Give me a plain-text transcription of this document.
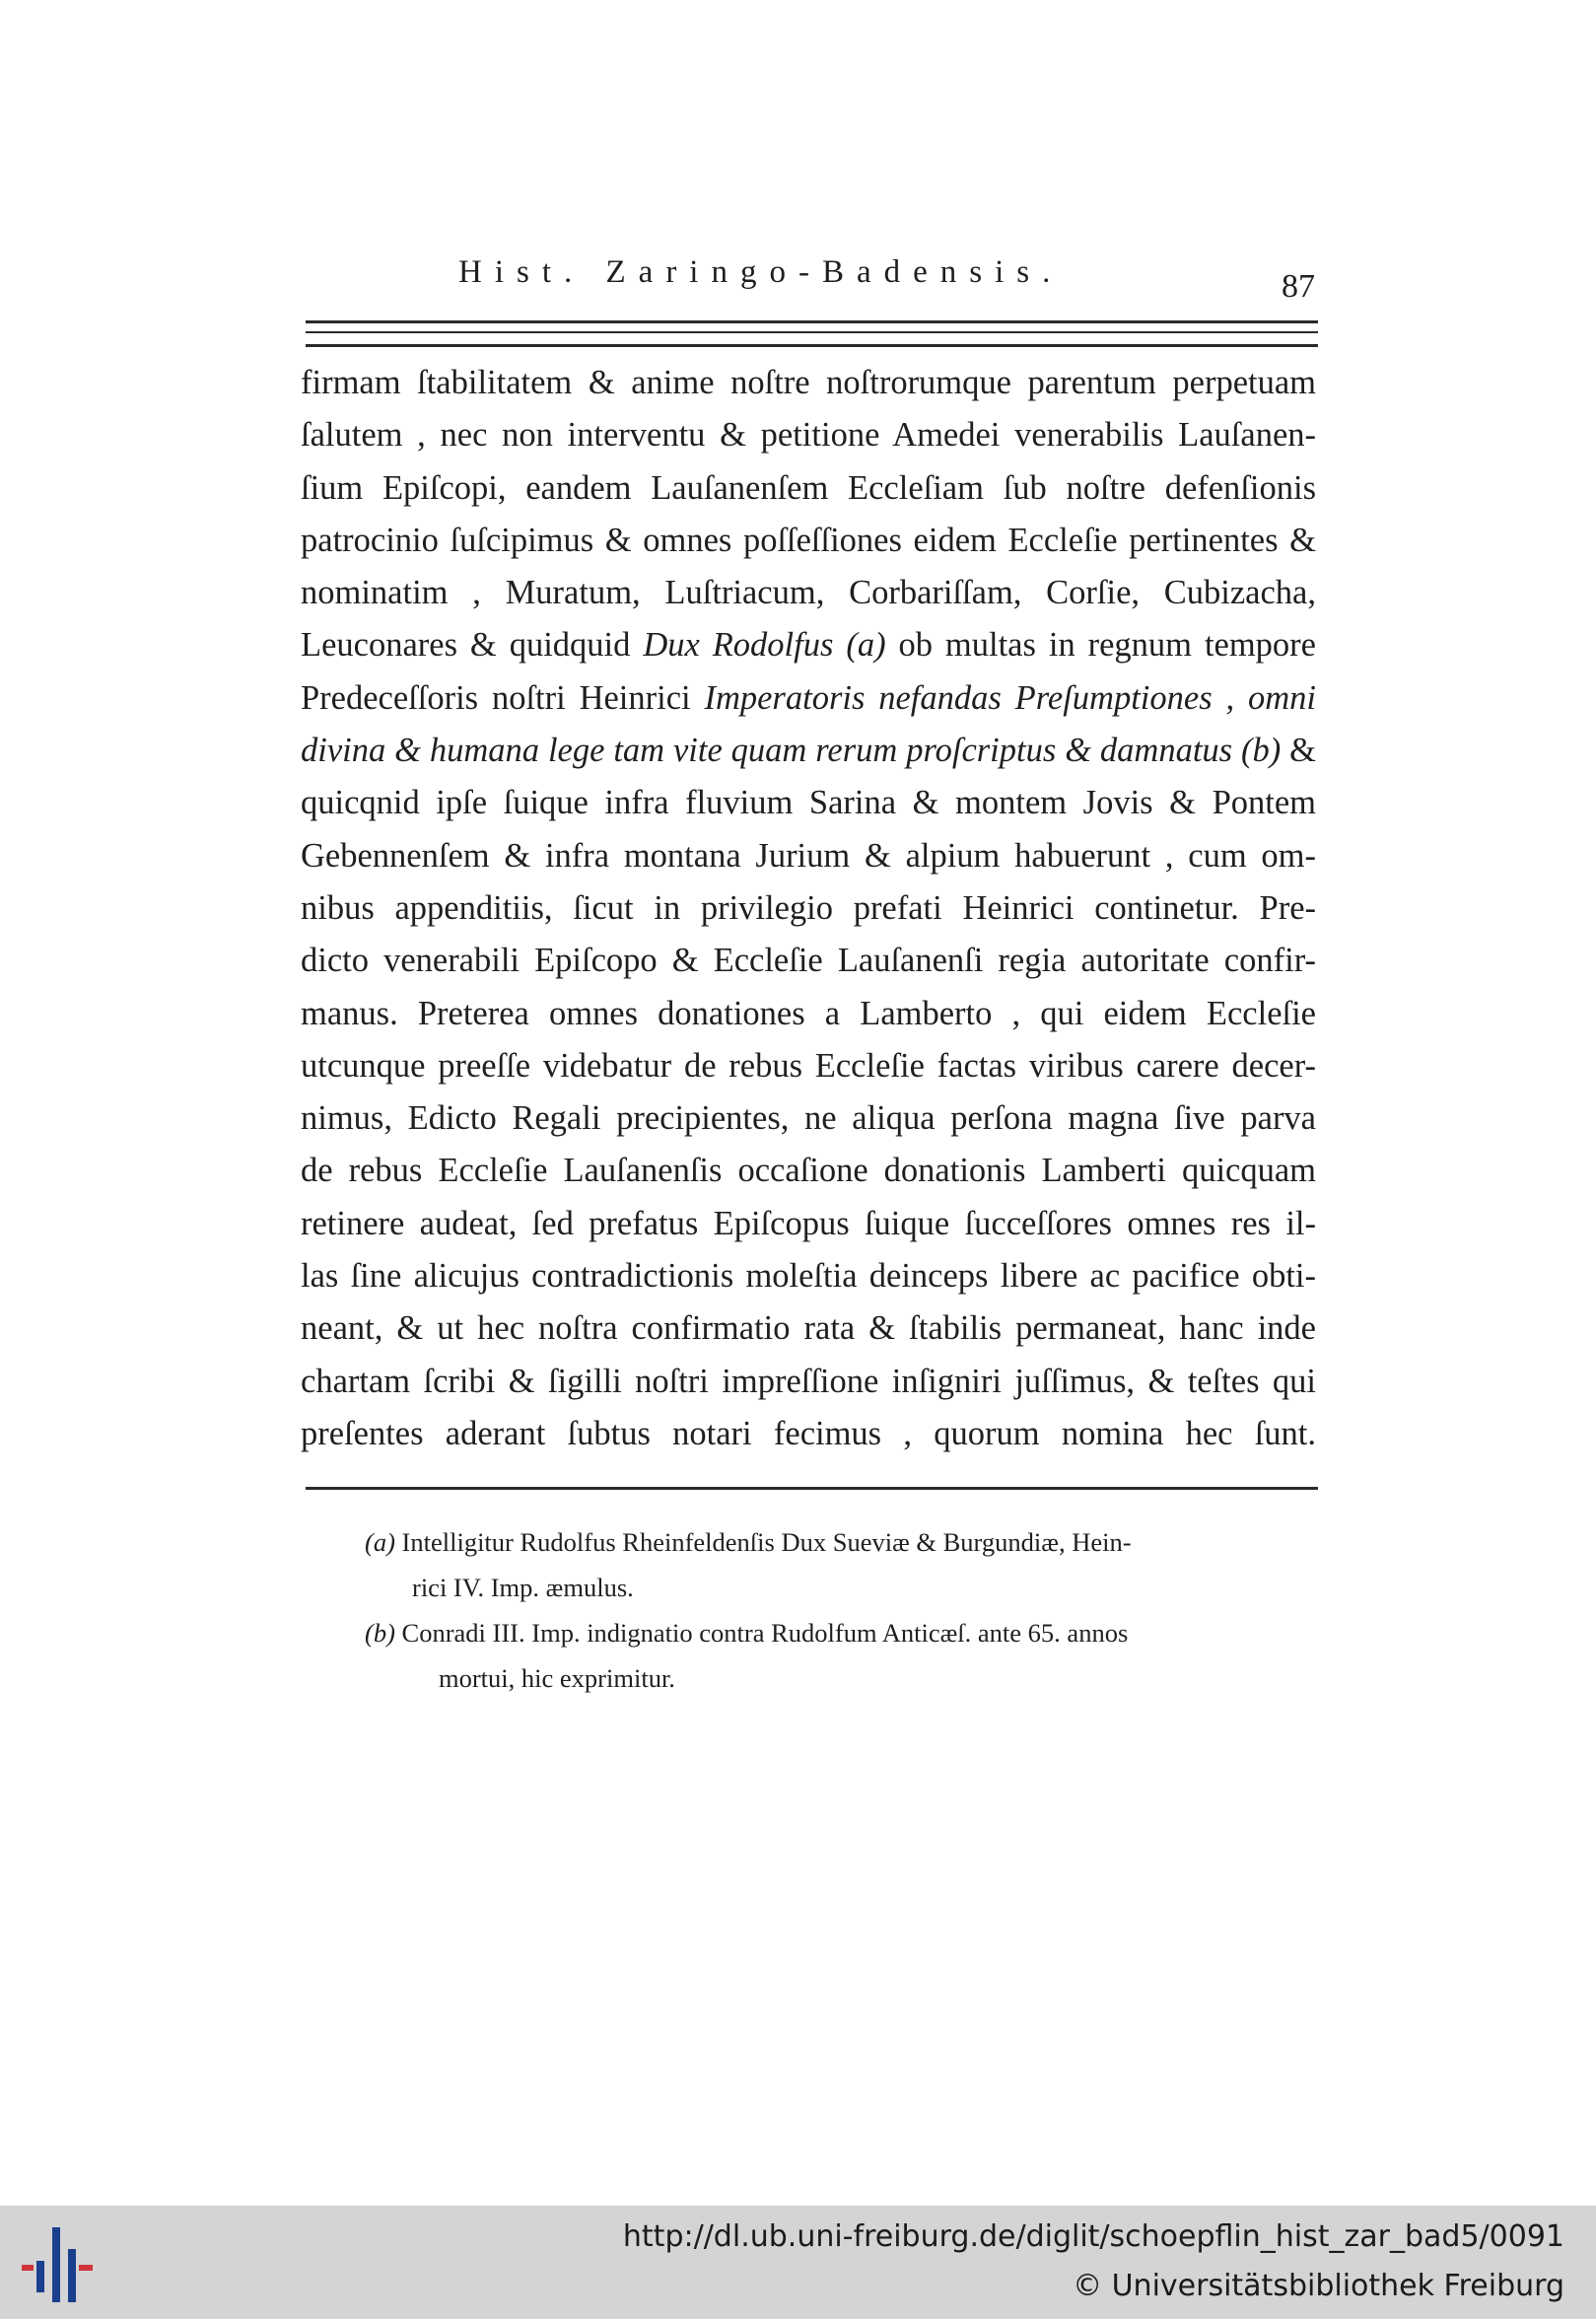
Hist. Zaringo-Badensis.	87
firmam ſtabilitatem & anime noſtre noſtrorumque parentum perpetuam
ſalutem , nec non interventu & petitione Amedei venerabilis Lauſanen-
ſium Epiſcopi, eandem Lauſanenſem Eccleſiam ſub noſtre defenſionis
patrocinio ſuſcipimus & omnes poſſeſſiones eidem Eccleſie pertinentes &
nominatim , Muratum, Luſtriacum, Corbariſſam, Corſie, Cubizacha,
Leuconares & quidquid Dux Rodolfus (a) ob multas in regnum tempore
Predeceſſoris noſtri Heinrici Imperatoris nefandas Preſumptiones , omni
divina & humana lege tam vite quam rerum proſcriptus & damnatus (b) &
quicqnid ipſe ſuique infra fluvium Sarina & montem Jovis & Pontem
Gebennenſem & infra montana Jurium & alpium habuerunt , cum om-
nibus appenditiis, ſicut in privilegio prefati Heinrici continetur. Pre-
dicto venerabili Epiſcopo & Eccleſie Lauſanenſi regia autoritate confir-
manus. Preterea omnes donationes a Lamberto , qui eidem Eccleſie
utcunque preeſſe videbatur de rebus Eccleſie factas viribus carere decer-
nimus, Edicto Regali precipientes, ne aliqua perſona magna ſive parva
de rebus Eccleſie Lauſanenſis occaſione donationis Lamberti quicquam
retinere audeat, ſed prefatus Epiſcopus ſuique ſucceſſores omnes res il-
las ſine alicujus contradictionis moleſtia deinceps libere ac pacifice obti-
neant, & ut hec noſtra confirmatio rata & ſtabilis permaneat, hanc inde
chartam ſcribi & ſigilli noſtri impreſſione inſigniri juſſimus, & teſtes qui
preſentes aderant ſubtus notari fecimus , quorum nomina hec ſunt.
(a) Intelligitur Rudolfus Rheinfeldenſis Dux Sueviæ & Burgundiæ, Hein-
rici IV. Imp. æmulus.
(b) Conradi III. Imp. indignatio contra Rudolfum Anticæſ. ante 65. annos
mortui, hic exprimitur.
http://dl.ub.uni-freiburg.de/diglit/schoepflin_hist_zar_bad5/0091
© Universitätsbibliothek Freiburg
